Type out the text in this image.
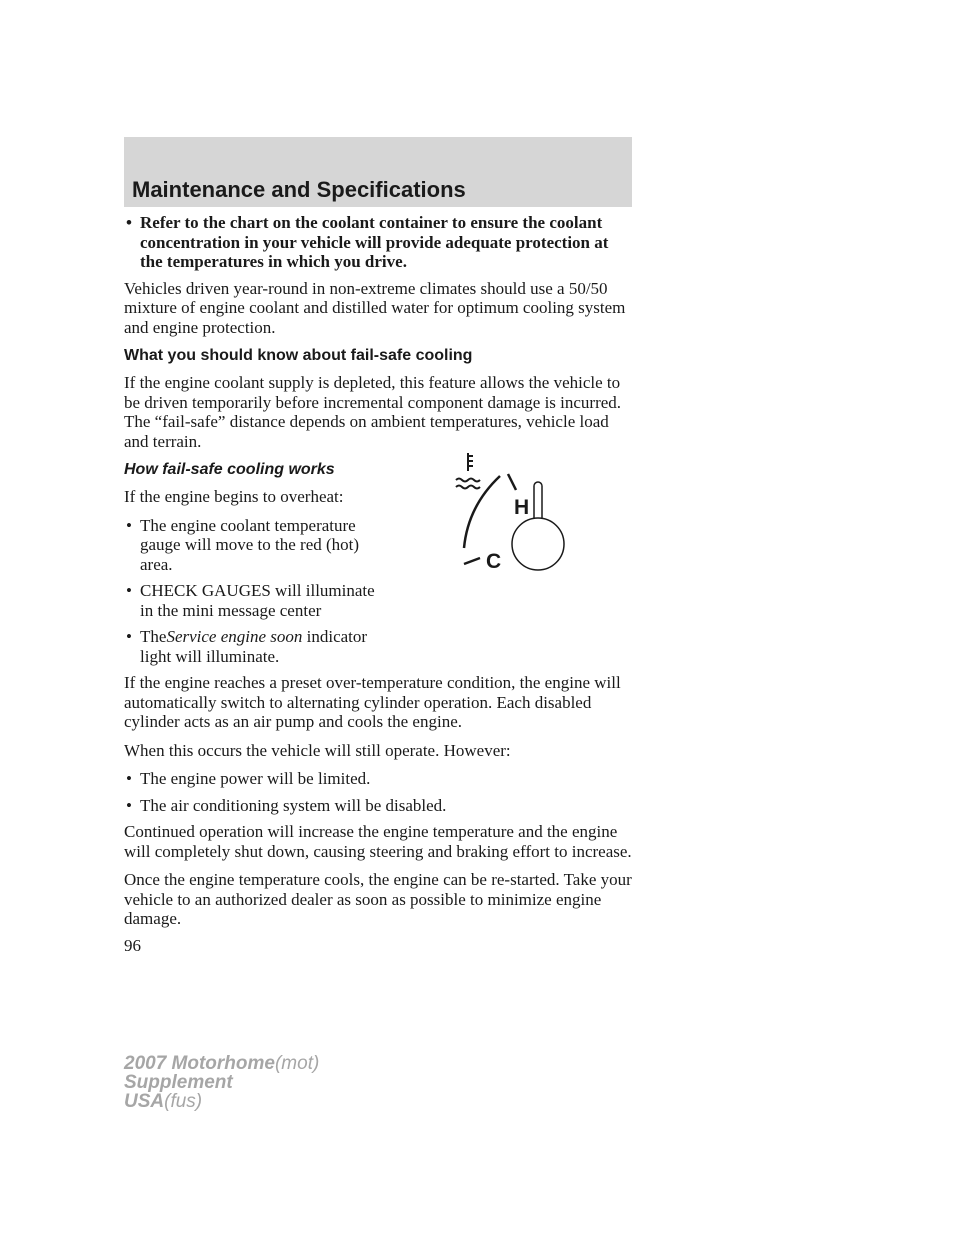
Maintenance and Specifications
• Refer to the chart on the coolant container to ensure the coolant concentration in your vehicle will provide adequate protection at the temperatures in which you drive.

Vehicles driven year-round in non-extreme climates should use a 50/50 mixture of engine coolant and distilled water for optimum cooling system and engine protection.

What you should know about fail-safe cooling

If the engine coolant supply is depleted, this feature allows the vehicle to be driven temporarily before incremental component damage is incurred. The “fail-safe” distance depends on ambient temperatures, vehicle load and terrain.

How fail-safe cooling works

If the engine begins to overheat:

• The engine coolant temperature gauge will move to the red (hot) area.
• CHECK GAUGES will illuminate in the mini message center
• TheService engine soon indicator light will illuminate.

If the engine reaches a preset over-temperature condition, the engine will automatically switch to alternating cylinder operation. Each disabled cylinder acts as an air pump and cools the engine.

When this occurs the vehicle will still operate. However:

• The engine power will be limited.
• The air conditioning system will be disabled.

Continued operation will increase the engine temperature and the engine will completely shut down, causing steering and braking effort to increase.

Once the engine temperature cools, the engine can be re-started. Take your vehicle to an authorized dealer as soon as possible to minimize engine damage.

H
C
96
2007 Motorhome(mot)
Supplement
USA(fus)
